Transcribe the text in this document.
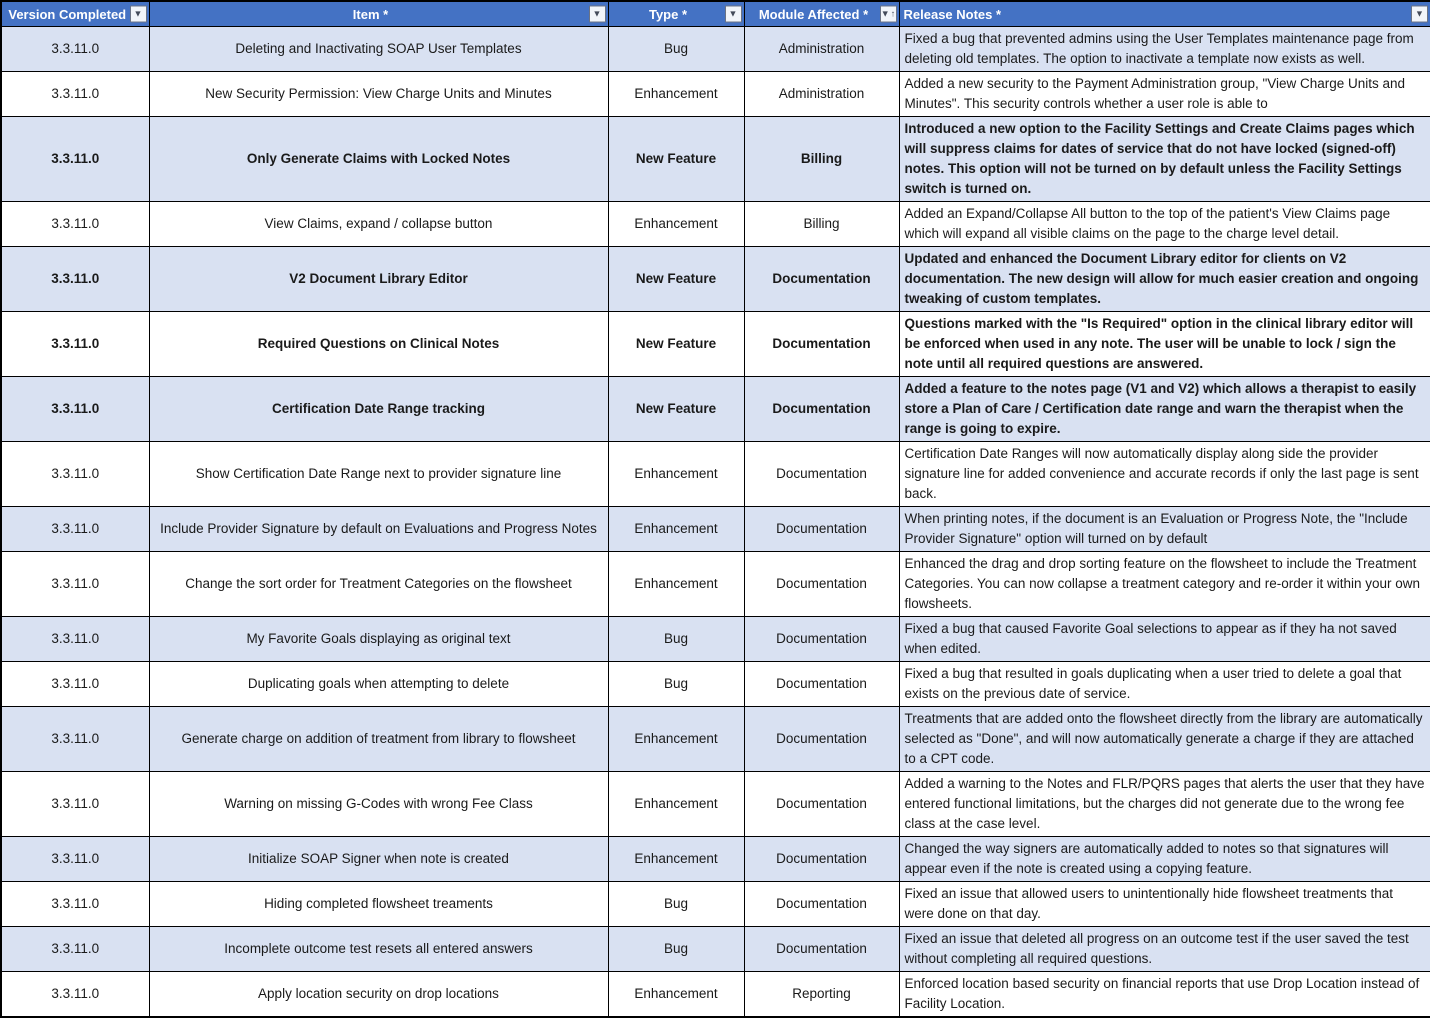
Version Completed ▼	Item * ▼	Type * ▼	Module Affected * ▼ ↑	Release Notes * ▼

3.3.11.0	Deleting and Inactivating SOAP User Templates	Bug	Administration	Fixed a bug that prevented admins using the User Templates maintenance page from deleting old templates. The option to inactivate a template now exists as well.
3.3.11.0	New Security Permission: View Charge Units and Minutes	Enhancement	Administration	Added a new security to the Payment Administration group, "View Charge Units and Minutes". This security controls whether a user role is able to
3.3.11.0	Only Generate Claims with Locked Notes	New Feature	Billing	Introduced a new option to the Facility Settings and Create Claims pages which will suppress claims for dates of service that do not have locked (signed-off) notes. This option will not be turned on by default unless the Facility Settings switch is turned on.
3.3.11.0	View Claims, expand / collapse button	Enhancement	Billing	Added an Expand/Collapse All button to the top of the patient's View Claims page which will expand all visible claims on the page to the charge level detail.
3.3.11.0	V2 Document Library Editor	New Feature	Documentation	Updated and enhanced the Document Library editor for clients on V2 documentation. The new design will allow for much easier creation and ongoing tweaking of custom templates.
3.3.11.0	Required Questions on Clinical Notes	New Feature	Documentation	Questions marked with the "Is Required" option in the clinical library editor will be enforced when used in any note. The user will be unable to lock / sign the note until all required questions are answered.
3.3.11.0	Certification Date Range tracking	New Feature	Documentation	Added a feature to the notes page (V1 and V2) which allows a therapist to easily store a Plan of Care / Certification date range and warn the therapist when the range is going to expire.
3.3.11.0	Show Certification Date Range next to provider signature line	Enhancement	Documentation	Certification Date Ranges will now automatically display along side the provider signature line for added convenience and accurate records if only the last page is sent back.
3.3.11.0	Include Provider Signature by default on Evaluations and Progress Notes	Enhancement	Documentation	When printing notes, if the document is an Evaluation or Progress Note, the "Include Provider Signature" option will turned on by default
3.3.11.0	Change the sort order for Treatment Categories on the flowsheet	Enhancement	Documentation	Enhanced the drag and drop sorting feature on the flowsheet to include the Treatment Categories. You can now collapse a treatment category and re-order it within your own flowsheets.
3.3.11.0	My Favorite Goals displaying as original text	Bug	Documentation	Fixed a bug that caused Favorite Goal selections to appear as if they ha not saved when edited.
3.3.11.0	Duplicating goals when attempting to delete	Bug	Documentation	Fixed a bug that resulted in goals duplicating when a user tried to delete a goal that exists on the previous date of service.
3.3.11.0	Generate charge on addition of treatment from library to flowsheet	Enhancement	Documentation	Treatments that are added onto the flowsheet directly from the library are automatically selected as "Done", and will now automatically generate a charge if they are attached to a CPT code.
3.3.11.0	Warning on missing G-Codes with wrong Fee Class	Enhancement	Documentation	Added a warning to the Notes and FLR/PQRS pages that alerts the user that they have entered functional limitations, but the charges did not generate due to the wrong fee class at the case level.
3.3.11.0	Initialize SOAP Signer when note is created	Enhancement	Documentation	Changed the way signers are automatically added to notes so that signatures will appear even if the note is created using a copying feature.
3.3.11.0	Hiding completed flowsheet treaments	Bug	Documentation	Fixed an issue that allowed users to unintentionally hide flowsheet treatments that were done on that day.
3.3.11.0	Incomplete outcome test resets all entered answers	Bug	Documentation	Fixed an issue that deleted all progress on an outcome test if the user saved the test without completing all required questions.
3.3.11.0	Apply location security on drop locations	Enhancement	Reporting	Enforced location based security on financial reports that use Drop Location instead of Facility Location.
